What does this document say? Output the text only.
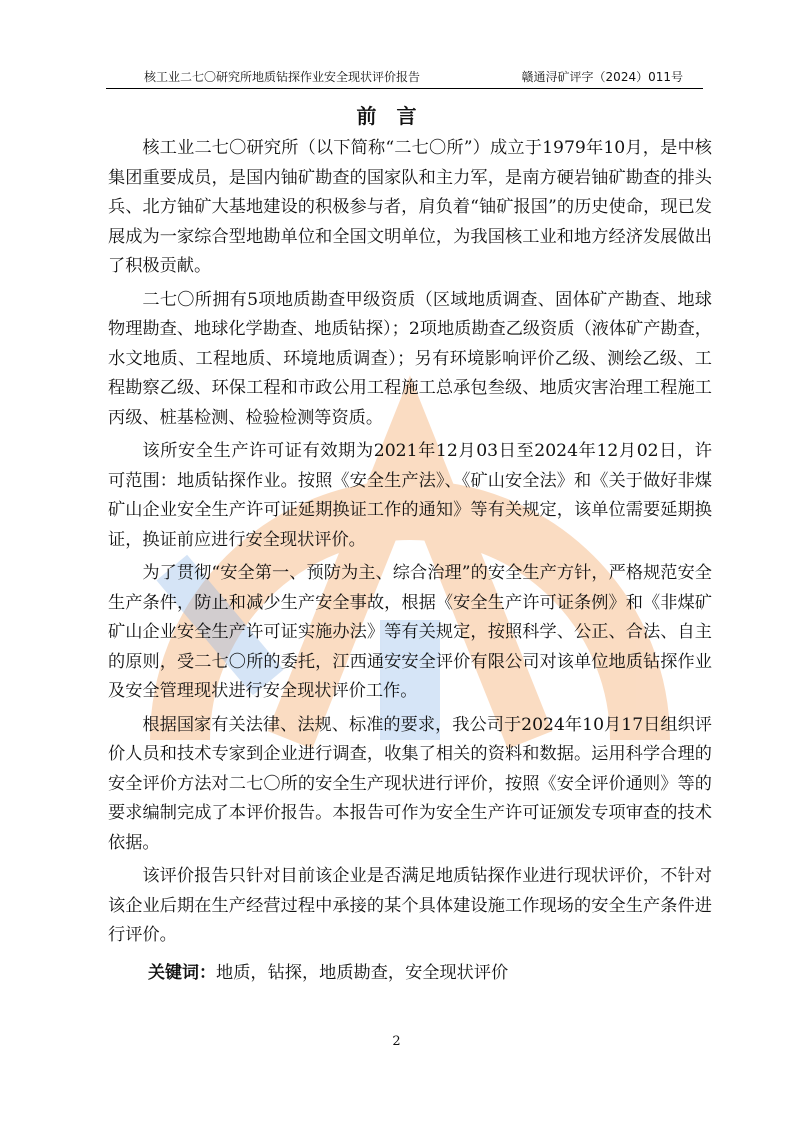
核工业二七〇研究所地质钻探作业安全现状评价报告	赣通浔矿评字（2024）011号
前言

核工业二七〇研究所（以下简称“二七〇所”）成立于1979年10月，是中核集团重要成员，是国内铀矿勘查的国家队和主力军，是南方硬岩铀矿勘查的排头兵、北方铀矿大基地建设的积极参与者，肩负着“铀矿报国”的历史使命，现已发展成为一家综合型地勘单位和全国文明单位，为我国核工业和地方经济发展做出了积极贡献。

二七〇所拥有5项地质勘查甲级资质（区域地质调查、固体矿产勘查、地球物理勘查、地球化学勘查、地质钻探）；2项地质勘查乙级资质（液体矿产勘查，水文地质、工程地质、环境地质调查）；另有环境影响评价乙级、测绘乙级、工程勘察乙级、环保工程和市政公用工程施工总承包叁级、地质灾害治理工程施工丙级、桩基检测、检验检测等资质。

该所安全生产许可证有效期为2021年12月03日至2024年12月02日，许可范围：地质钻探作业。按照《安全生产法》、《矿山安全法》和《关于做好非煤矿山企业安全生产许可证延期换证工作的通知》等有关规定，该单位需要延期换证，换证前应进行安全现状评价。

为了贯彻“安全第一、预防为主、综合治理”的安全生产方针，严格规范安全生产条件，防止和减少生产安全事故，根据《安全生产许可证条例》和《非煤矿矿山企业安全生产许可证实施办法》等有关规定，按照科学、公正、合法、自主的原则，受二七〇所的委托，江西通安安全评价有限公司对该单位地质钻探作业及安全管理现状进行安全现状评价工作。

根据国家有关法律、法规、标准的要求，我公司于2024年10月17日组织评价人员和技术专家到企业进行调查，收集了相关的资料和数据。运用科学合理的安全评价方法对二七〇所的安全生产现状进行评价，按照《安全评价通则》等的要求编制完成了本评价报告。本报告可作为安全生产许可证颁发专项审查的技术依据。

该评价报告只针对目前该企业是否满足地质钻探作业进行现状评价，不针对该企业后期在生产经营过程中承接的某个具体建设施工作现场的安全生产条件进行评价。

关键词：地质，钻探，地质勘查，安全现状评价
2
